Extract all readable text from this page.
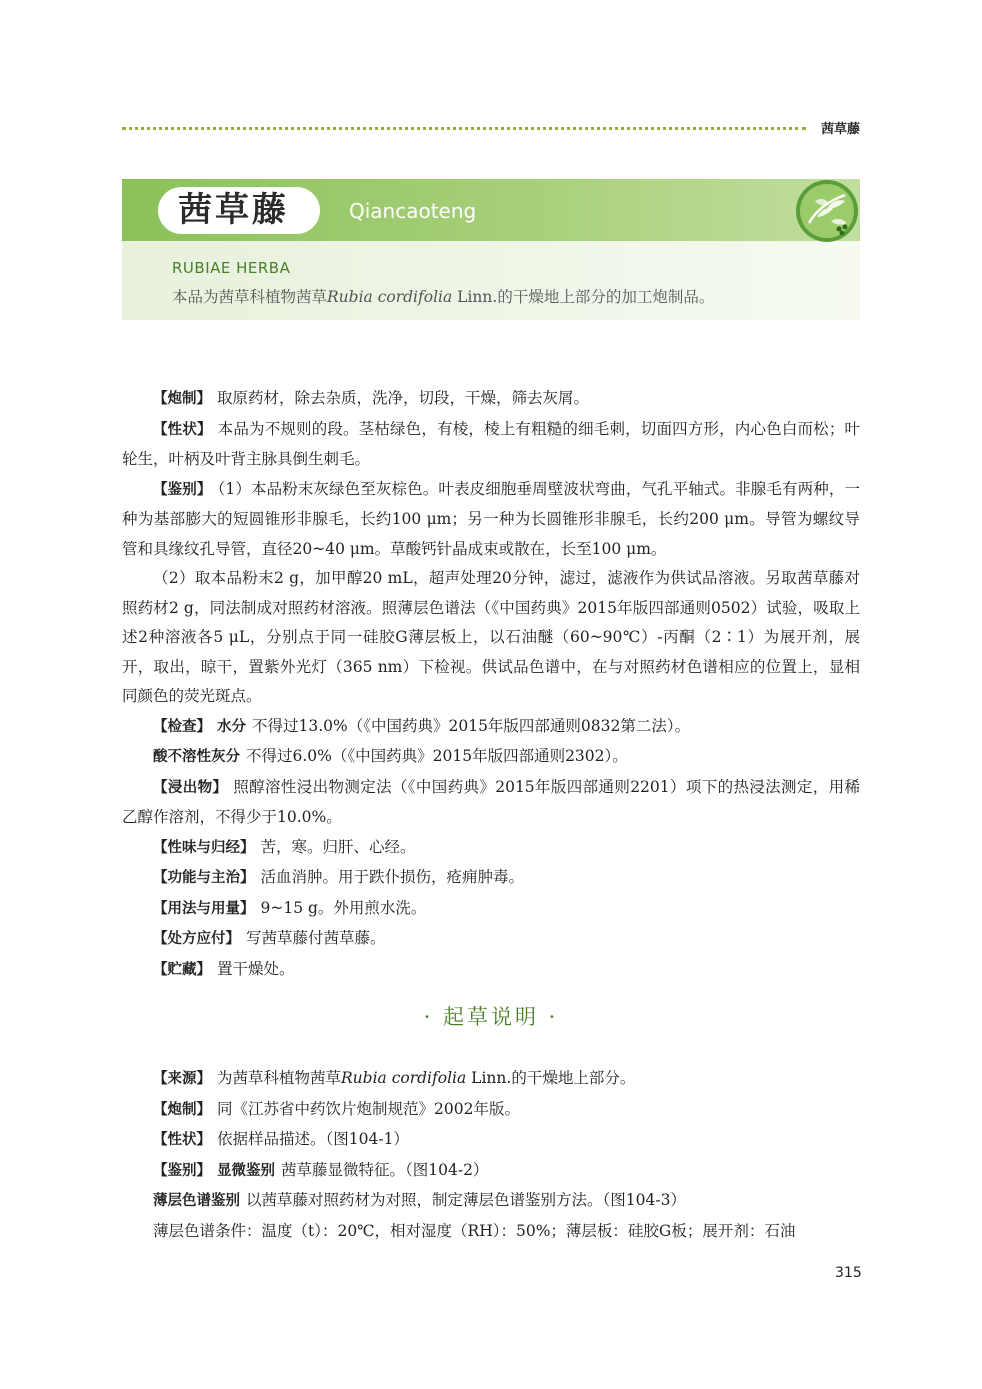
茜草藤
茜草藤	Qiancaoteng
RUBIAE HERBA
本品为茜草科植物茜草Rubia cordifolia Linn.的干燥地上部分的加工炮制品。

【炮制】 取原药材，除去杂质，洗净，切段，干燥，筛去灰屑。

【性状】 本品为不规则的段。茎枯绿色，有棱，棱上有粗糙的细毛刺，切面四方形，内心色白而松；叶轮生，叶柄及叶背主脉具倒生刺毛。

【鉴别】 （1）本品粉末灰绿色至灰棕色。叶表皮细胞垂周壁波状弯曲，气孔平轴式。非腺毛有两种，一种为基部膨大的短圆锥形非腺毛，长约100 μm；另一种为长圆锥形非腺毛，长约200 μm。导管为螺纹导管和具缘纹孔导管，直径20~40 μm。草酸钙针晶成束或散在，长至100 μm。

（2）取本品粉末2 g，加甲醇20 mL，超声处理20分钟，滤过，滤液作为供试品溶液。另取茜草藤对照药材2 g，同法制成对照药材溶液。照薄层色谱法（《中国药典》2015年版四部通则0502）试验，吸取上述2种溶液各5 μL，分别点于同一硅胶G薄层板上，以石油醚（60~90℃）-丙酮（2∶1）为展开剂，展开，取出，晾干，置紫外光灯（365 nm）下检视。供试品色谱中，在与对照药材色谱相应的位置上，显相同颜色的荧光斑点。

【检查】 水分 不得过13.0%（《中国药典》2015年版四部通则0832第二法）。

酸不溶性灰分 不得过6.0%（《中国药典》2015年版四部通则2302）。

【浸出物】 照醇溶性浸出物测定法（《中国药典》2015年版四部通则2201）项下的热浸法测定，用稀乙醇作溶剂，不得少于10.0%。

【性味与归经】 苦，寒。归肝、心经。

【功能与主治】 活血消肿。用于跌仆损伤，疮痈肿毒。

【用法与用量】 9~15 g。外用煎水洗。

【处方应付】 写茜草藤付茜草藤。

【贮藏】 置干燥处。

· 起草说明 ·

【来源】 为茜草科植物茜草Rubia cordifolia Linn.的干燥地上部分。

【炮制】 同《江苏省中药饮片炮制规范》2002年版。

【性状】 依据样品描述。（图104-1）

【鉴别】 显微鉴别 茜草藤显微特征。（图104-2）

薄层色谱鉴别 以茜草藤对照药材为对照，制定薄层色谱鉴别方法。（图104-3）

薄层色谱条件：温度（t）：20℃，相对湿度（RH）：50%；薄层板：硅胶G板；展开剂：石油

315
